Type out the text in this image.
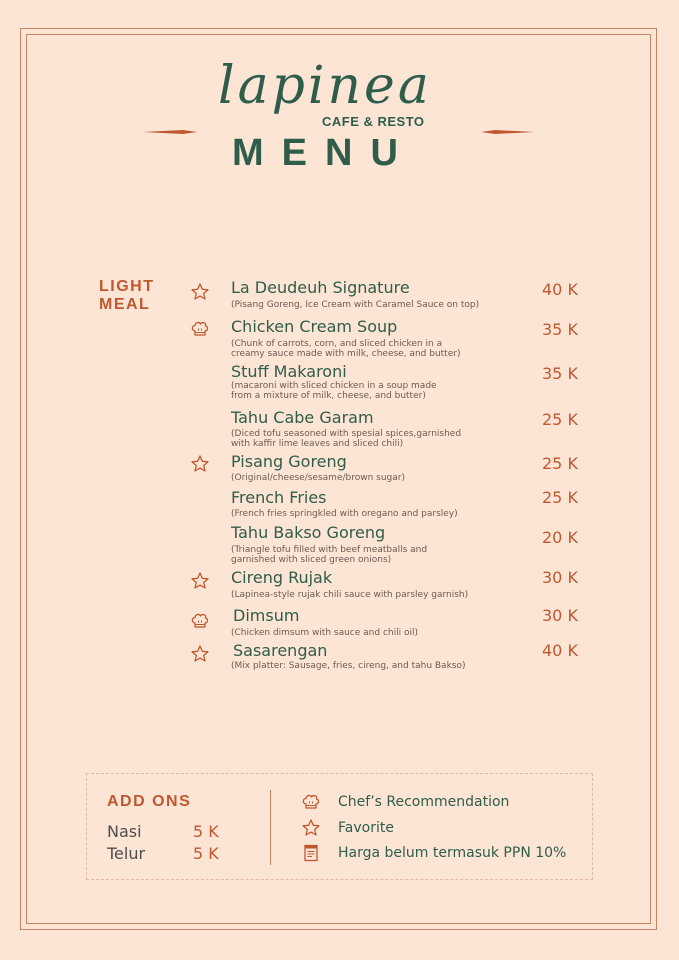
lapinea
CAFE & RESTO
MENU
LIGHT
MEAL
La Deudeuh Signature
(Pisang Goreng, Ice Cream with Caramel Sauce on top)
40 K
Chicken Cream Soup
(Chunk of carrots, corn, and sliced chicken in a creamy sauce made with milk, cheese, and butter)
35 K
Stuff Makaroni
(macaroni with sliced chicken in a soup made from a mixture of milk, cheese, and butter)
35 K
Tahu Cabe Garam
(Diced tofu seasoned with spesial spices,garnished with kaffir lime leaves and sliced chili)
25 K
Pisang Goreng
(Original/cheese/sesame/brown sugar)
25 K
French Fries
(French fries springkled with oregano and parsley)
25 K
Tahu Bakso Goreng
(Triangle tofu filled with beef meatballs and garnished with sliced green onions)
20 K
Cireng Rujak
(Lapinea-style rujak chili sauce with parsley garnish)
30 K
Dimsum
(Chicken dimsum with sauce and chili oil)
30 K
Sasarengan
(Mix platter: Sausage, fries, cireng, and tahu Bakso)
40 K
ADD ONS
Nasi	5 K
Telur	5 K
Chef’s Recommendation
Favorite
Harga belum termasuk PPN 10%
